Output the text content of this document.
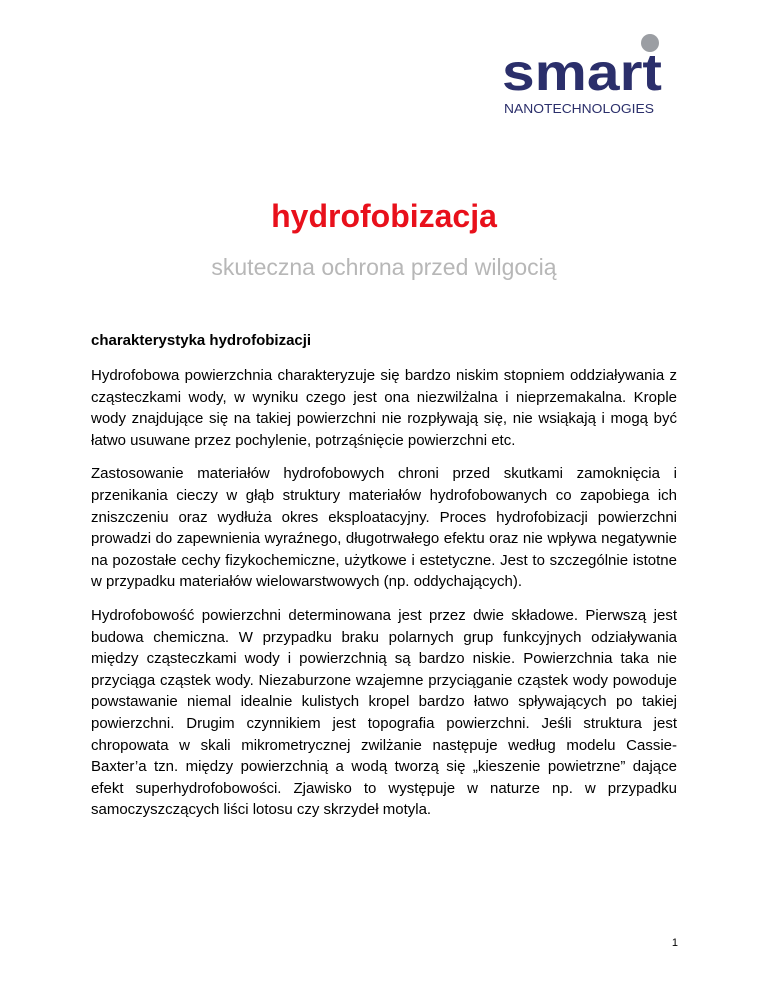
smart
NANOTECHNOLOGIES
hydrofobizacja
skuteczna ochrona przed wilgocią

charakterystyka hydrofobizacji

Hydrofobowa powierzchnia charakteryzuje się bardzo niskim stopniem oddziaływania z cząsteczkami wody, w wyniku czego jest ona niezwilżalna i nieprzemakalna. Krople wody znajdujące się na takiej powierzchni nie rozpływają się, nie wsiąkają i mogą być łatwo usuwane przez pochylenie, potrząśnięcie powierzchni etc.

Zastosowanie materiałów hydrofobowych chroni przed skutkami zamoknięcia i przenikania cieczy w głąb struktury materiałów hydrofobowanych co zapobiega ich zniszczeniu oraz wydłuża okres eksploatacyjny. Proces hydrofobizacji powierzchni prowadzi do zapewnienia wyraźnego, długotrwałego efektu oraz nie wpływa negatywnie na pozostałe cechy fizykochemiczne, użytkowe i estetyczne. Jest to szczególnie istotne w przypadku materiałów wielowarstwowych (np. oddychających).

Hydrofobowość powierzchni determinowana jest przez dwie składowe. Pierwszą jest budowa chemiczna. W przypadku braku polarnych grup funkcyjnych odziaływania między cząsteczkami wody i powierzchnią są bardzo niskie. Powierzchnia taka nie przyciąga cząstek wody. Niezaburzone wzajemne przyciąganie cząstek wody powoduje powstawanie niemal idealnie kulistych kropel bardzo łatwo spływających po takiej powierzchni. Drugim czynnikiem jest topografia powierzchni. Jeśli struktura jest chropowata w skali mikrometrycznej zwilżanie następuje według modelu Cassie-Baxter’a tzn. między powierzchnią a wodą tworzą się „kieszenie powietrzne” dające efekt superhydrofobowości. Zjawisko to występuje w naturze np. w przypadku samoczyszczących liści lotosu czy skrzydeł motyla.

1
